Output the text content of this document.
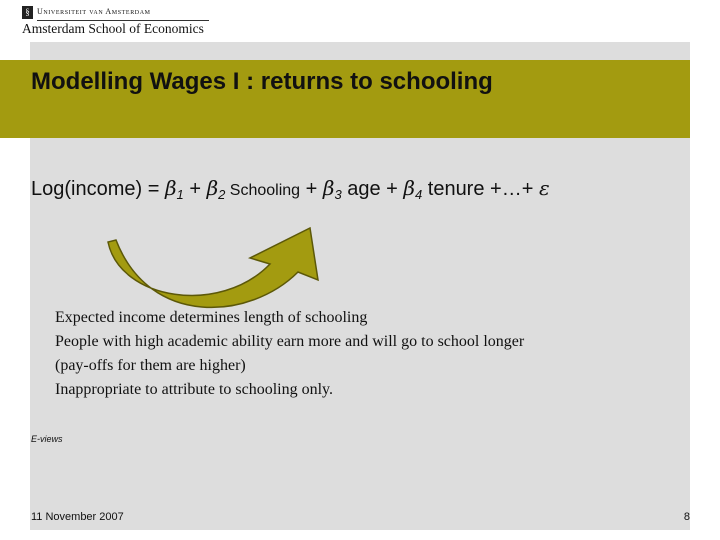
§ Universiteit van Amsterdam
Amsterdam School of Economics
Modelling Wages I : returns to schooling
Log(income) = $\beta_1 + \beta_2$ Schooling + $\beta_3$ age + $\beta_4$ tenure +…+ ε
Expected income determines length of schooling
People with high academic ability earn more and will go to school longer
(pay-offs for them are higher)
Inappropriate to attribute to schooling only.
E-views
11 November 2007	8
